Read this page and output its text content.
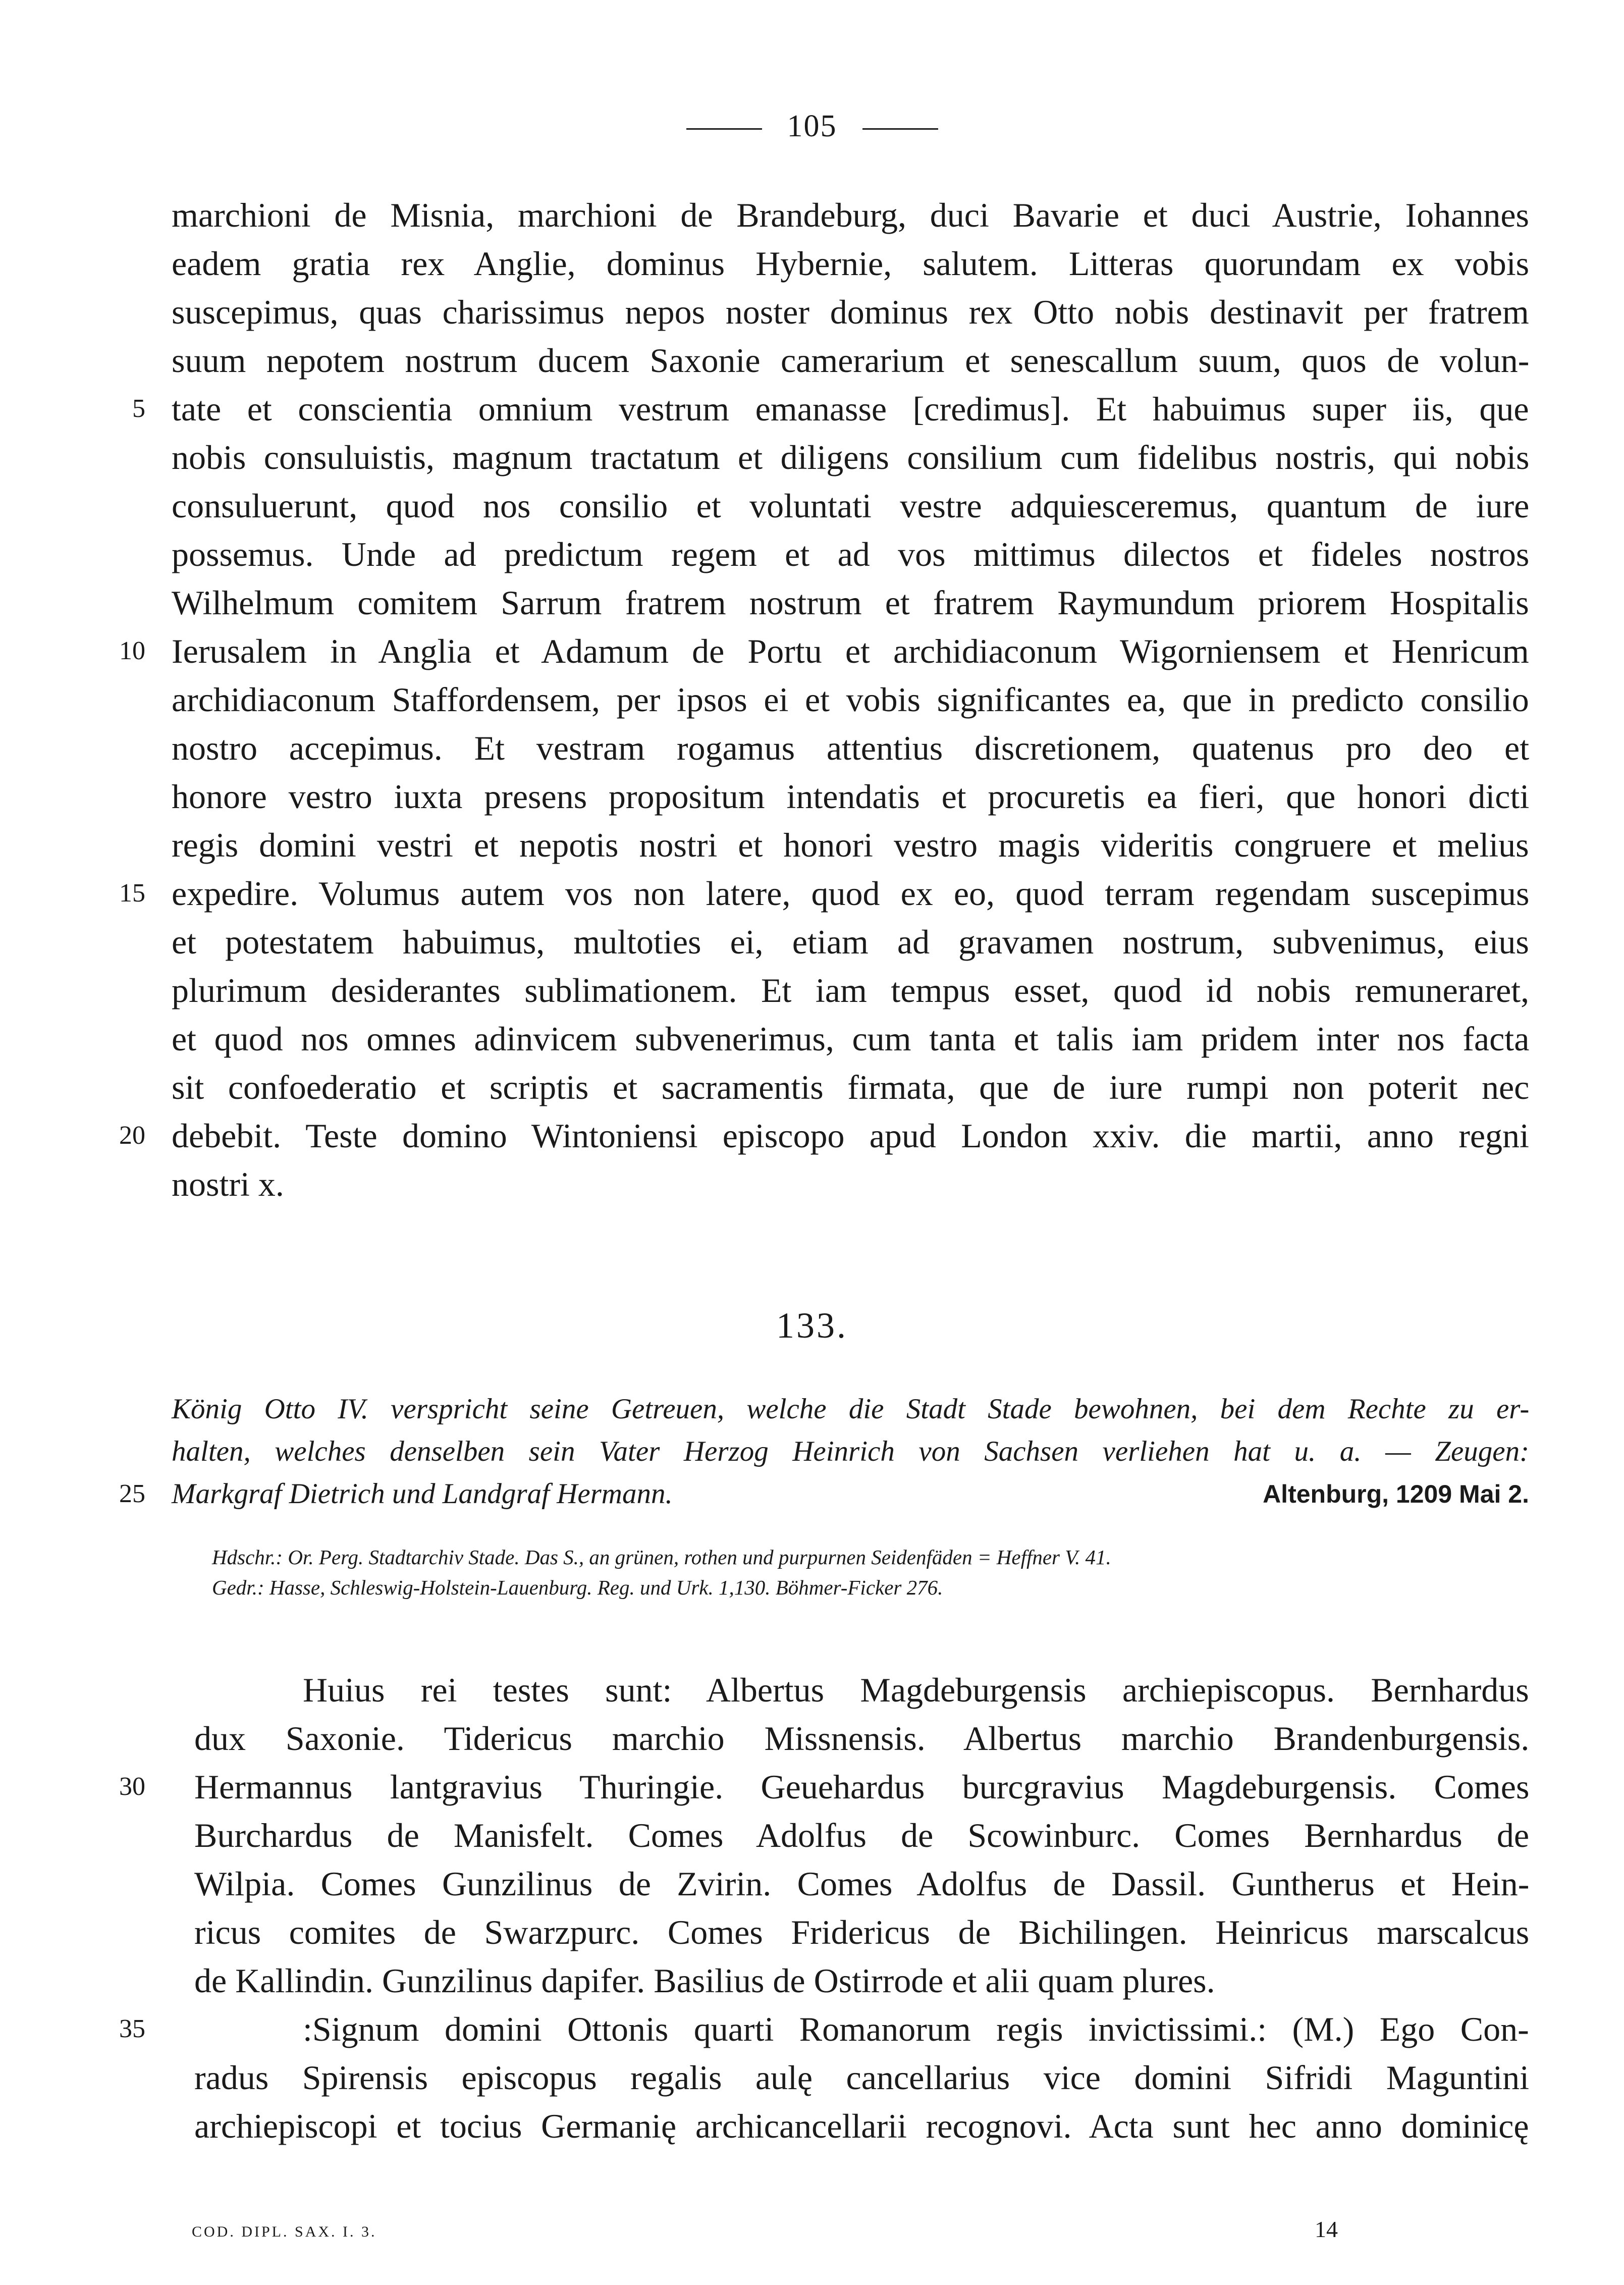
105
marchioni de Misnia, marchioni de Brandeburg, duci Bavarie et duci Austrie, Iohannes
eadem gratia rex Anglie, dominus Hybernie, salutem. Litteras quorundam ex vobis
suscepimus, quas charissimus nepos noster dominus rex Otto nobis destinavit per fratrem
suum nepotem nostrum ducem Saxonie camerarium et senescallum suum, quos de volun-
tate et conscientia omnium vestrum emanasse [credimus]. Et habuimus super iis, que
nobis consuluistis, magnum tractatum et diligens consilium cum fidelibus nostris, qui nobis
consuluerunt, quod nos consilio et voluntati vestre adquiesceremus, quantum de iure
possemus. Unde ad predictum regem et ad vos mittimus dilectos et fideles nostros
Wilhelmum comitem Sarrum fratrem nostrum et fratrem Raymundum priorem Hospitalis
Ierusalem in Anglia et Adamum de Portu et archidiaconum Wigorniensem et Henricum
archidiaconum Staffordensem, per ipsos ei et vobis significantes ea, que in predicto consilio
nostro accepimus. Et vestram rogamus attentius discretionem, quatenus pro deo et
honore vestro iuxta presens propositum intendatis et procuretis ea fieri, que honori dicti
regis domini vestri et nepotis nostri et honori vestro magis videritis congruere et melius
expedire. Volumus autem vos non latere, quod ex eo, quod terram regendam suscepimus
et potestatem habuimus, multoties ei, etiam ad gravamen nostrum, subvenimus, eius
plurimum desiderantes sublimationem. Et iam tempus esset, quod id nobis remuneraret,
et quod nos omnes adinvicem subvenerimus, cum tanta et talis iam pridem inter nos facta
sit confoederatio et scriptis et sacramentis firmata, que de iure rumpi non poterit nec
debebit. Teste domino Wintoniensi episcopo apud London xxiv. die martii, anno regni
nostri x.
5
10
15
20
133.
König Otto IV. verspricht seine Getreuen, welche die Stadt Stade bewohnen, bei dem Rechte zu er-
halten, welches denselben sein Vater Herzog Heinrich von Sachsen verliehen hat u. a. — Zeugen:
Markgraf Dietrich und Landgraf Hermann.	Altenburg, 1209 Mai 2.
25
Hdschr.: Or. Perg. Stadtarchiv Stade. Das S., an grünen, rothen und purpurnen Seidenfäden = Heffner V. 41.
Gedr.: Hasse, Schleswig-Holstein-Lauenburg. Reg. und Urk. 1,130. Böhmer-Ficker 276.
Huius rei testes sunt: Albertus Magdeburgensis archiepiscopus. Bernhardus
dux Saxonie. Tidericus marchio Missnensis. Albertus marchio Brandenburgensis.
Hermannus lantgravius Thuringie. Geuehardus burcgravius Magdeburgensis. Comes
Burchardus de Manisfelt. Comes Adolfus de Scowinburc. Comes Bernhardus de
Wilpia. Comes Gunzilinus de Zvirin. Comes Adolfus de Dassil. Guntherus et Hein-
ricus comites de Swarzpurc. Comes Fridericus de Bichilingen. Heinricus marscalcus
de Kallindin. Gunzilinus dapifer. Basilius de Ostirrode et alii quam plures.
:Signum domini Ottonis quarti Romanorum regis invictissimi.: (M.) Ego Con-
radus Spirensis episcopus regalis aulę cancellarius vice domini Sifridi Maguntini
archiepiscopi et tocius Germanię archicancellarii recognovi. Acta sunt hec anno dominicę
30
35
COD. DIPL. SAX. I. 3.	14
